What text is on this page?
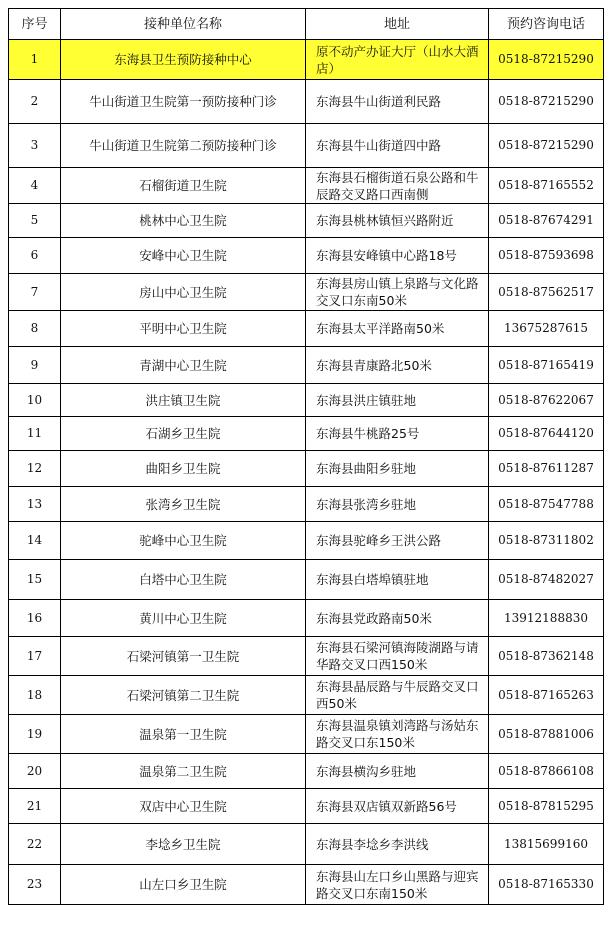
序号	接种单位名称	地址	预约咨询电话
1	东海县卫生预防接种中心	原不动产办证大厅（山水大酒店）	0518-87215290
2	牛山街道卫生院第一预防接种门诊	东海县牛山街道利民路	0518-87215290
3	牛山街道卫生院第二预防接种门诊	东海县牛山街道四中路	0518-87215290
4	石榴街道卫生院	东海县石榴街道石泉公路和牛辰路交叉路口西南侧	0518-87165552
5	桃林中心卫生院	东海县桃林镇恒兴路附近	0518-87674291
6	安峰中心卫生院	东海县安峰镇中心路18号	0518-87593698
7	房山中心卫生院	东海县房山镇上泉路与文化路交叉口东南50米	0518-87562517
8	平明中心卫生院	东海县太平洋路南50米	13675287615
9	青湖中心卫生院	东海县青康路北50米	0518-87165419
10	洪庄镇卫生院	东海县洪庄镇驻地	0518-87622067
11	石湖乡卫生院	东海县牛桃路25号	0518-87644120
12	曲阳乡卫生院	东海县曲阳乡驻地	0518-87611287
13	张湾乡卫生院	东海县张湾乡驻地	0518-87547788
14	驼峰中心卫生院	东海县驼峰乡王洪公路	0518-87311802
15	白塔中心卫生院	东海县白塔埠镇驻地	0518-87482027
16	黄川中心卫生院	东海县党政路南50米	13912188830
17	石梁河镇第一卫生院	东海县石梁河镇海陵湖路与请华路交叉口西150米	0518-87362148
18	石梁河镇第二卫生院	东海县晶辰路与牛辰路交叉口西50米	0518-87165263
19	温泉第一卫生院	东海县温泉镇刘湾路与汤姑东路交叉口东150米	0518-87881006
20	温泉第二卫生院	东海县横沟乡驻地	0518-87866108
21	双店中心卫生院	东海县双店镇双新路56号	0518-87815295
22	李埝乡卫生院	东海县李埝乡李洪线	13815699160
23	山左口乡卫生院	东海县山左口乡山黑路与迎宾路交叉口东南150米	0518-87165330
